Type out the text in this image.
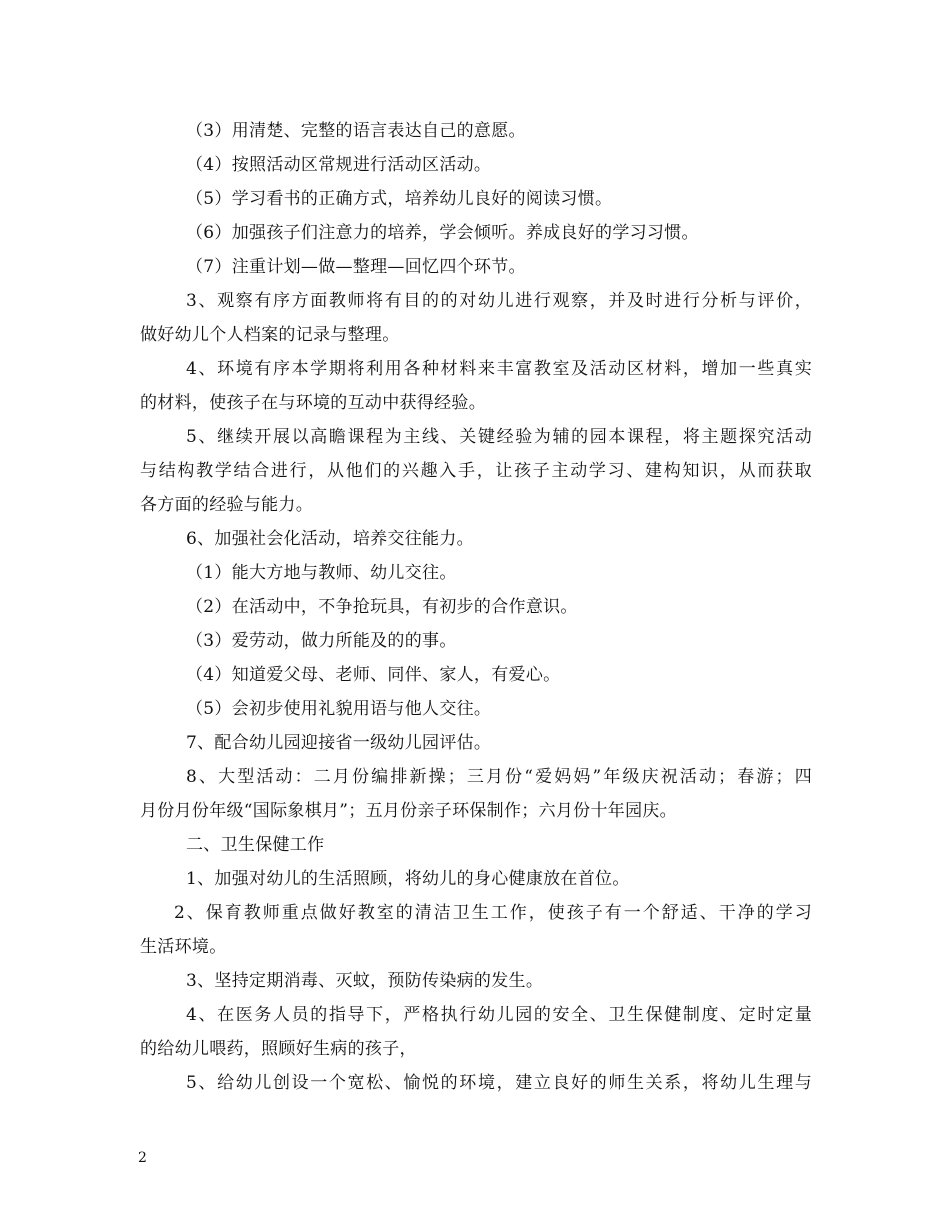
（3）用清楚、完整的语言表达自己的意愿。
（4）按照活动区常规进行活动区活动。
（5）学习看书的正确方式，培养幼儿良好的阅读习惯。
（6）加强孩子们注意力的培养，学会倾听。养成良好的学习习惯。
（7）注重计划—做—整理—回忆四个环节。
3、观察有序方面教师将有目的的对幼儿进行观察，并及时进行分析与评价，
做好幼儿个人档案的记录与整理。
4、环境有序本学期将利用各种材料来丰富教室及活动区材料，增加一些真实
的材料，使孩子在与环境的互动中获得经验。
5、继续开展以高瞻课程为主线、关键经验为辅的园本课程，将主题探究活动
与结构教学结合进行，从他们的兴趣入手，让孩子主动学习、建构知识，从而获取
各方面的经验与能力。
6、加强社会化活动，培养交往能力。
（1）能大方地与教师、幼儿交往。
（2）在活动中，不争抢玩具，有初步的合作意识。
（3）爱劳动，做力所能及的的事。
（4）知道爱父母、老师、同伴、家人，有爱心。
（5）会初步使用礼貌用语与他人交往。
7、配合幼儿园迎接省一级幼儿园评估。
8、大型活动：二月份编排新操；三月份“爱妈妈”年级庆祝活动；春游；四
月份月份年级“国际象棋月”；五月份亲子环保制作；六月份十年园庆。
二、卫生保健工作
1、加强对幼儿的生活照顾，将幼儿的身心健康放在首位。
2、保育教师重点做好教室的清洁卫生工作，使孩子有一个舒适、干净的学习
生活环境。
3、坚持定期消毒、灭蚊，预防传染病的发生。
4、在医务人员的指导下，严格执行幼儿园的安全、卫生保健制度、定时定量
的给幼儿喂药，照顾好生病的孩子，
5、给幼儿创设一个宽松、愉悦的环境，建立良好的师生关系，将幼儿生理与
2
